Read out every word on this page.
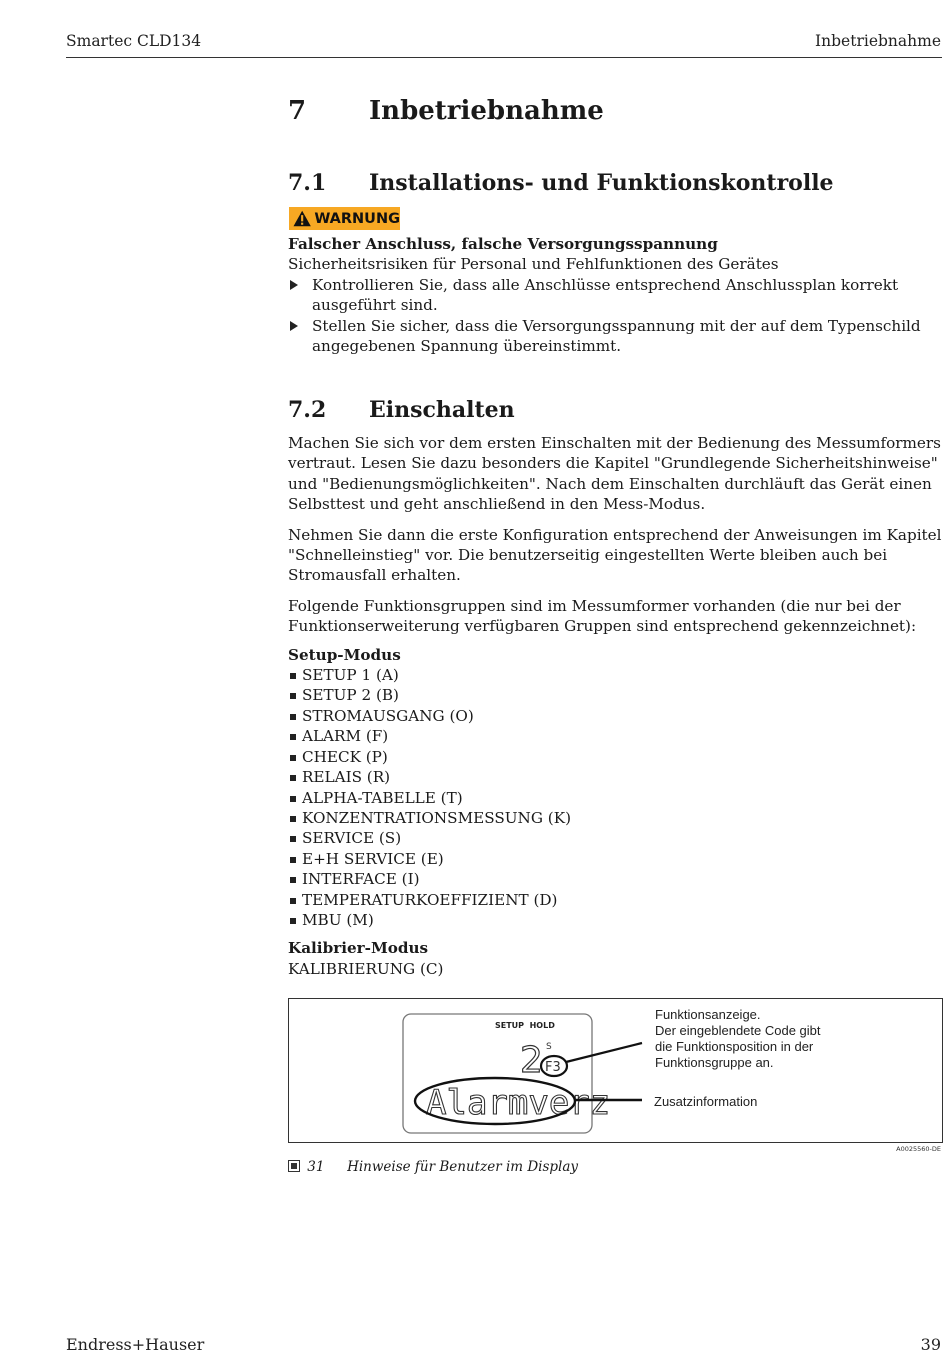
Smartec CLD134	Inbetriebnahme
7 Inbetriebnahme
7.1 Installations- und Funktionskontrolle
WARNUNG
Falscher Anschluss, falsche Versorgungsspannung
Sicherheitsrisiken für Personal und Fehlfunktionen des Gerätes
Kontrollieren Sie, dass alle Anschlüsse entsprechend Anschlussplan korrekt ausgeführt sind.
Stellen Sie sicher, dass die Versorgungsspannung mit der auf dem Typenschild angegebenen Spannung übereinstimmt.
7.2 Einschalten

Machen Sie sich vor dem ersten Einschalten mit der Bedienung des Messumformers vertraut. Lesen Sie dazu besonders die Kapitel "Grundlegende Sicherheitshinweise" und "Bedienungsmöglichkeiten". Nach dem Einschalten durchläuft das Gerät einen Selbsttest und geht anschließend in den Mess-Modus.

Nehmen Sie dann die erste Konfiguration entsprechend der Anweisungen im Kapitel "Schnelleinstieg" vor. Die benutzerseitig eingestellten Werte bleiben auch bei Stromausfall erhalten.

Folgende Funktionsgruppen sind im Messumformer vorhanden (die nur bei der Funktionserweiterung verfügbaren Gruppen sind entsprechend gekennzeichnet):

Setup-Modus
SETUP 1 (A)
SETUP 2 (B)
STROMAUSGANG (O)
ALARM (F)
CHECK (P)
RELAIS (R)
ALPHA-TABELLE (T)
KONZENTRATIONSMESSUNG (K)
SERVICE (S)
E+H SERVICE (E)
INTERFACE (I)
TEMPERATURKOEFFIZIENT (D)
MBU (M)
Kalibrier-Modus
KALIBRIERUNG (C)
SETUP  HOLD
2 S
F3
Alarmverz
Funktionsanzeige. Der eingeblendete Code gibt die Funktionsposition in der Funktionsgruppe an.
Zusatzinformation
A0025560-DE
31 Hinweise für Benutzer im Display
Endress+Hauser	39
